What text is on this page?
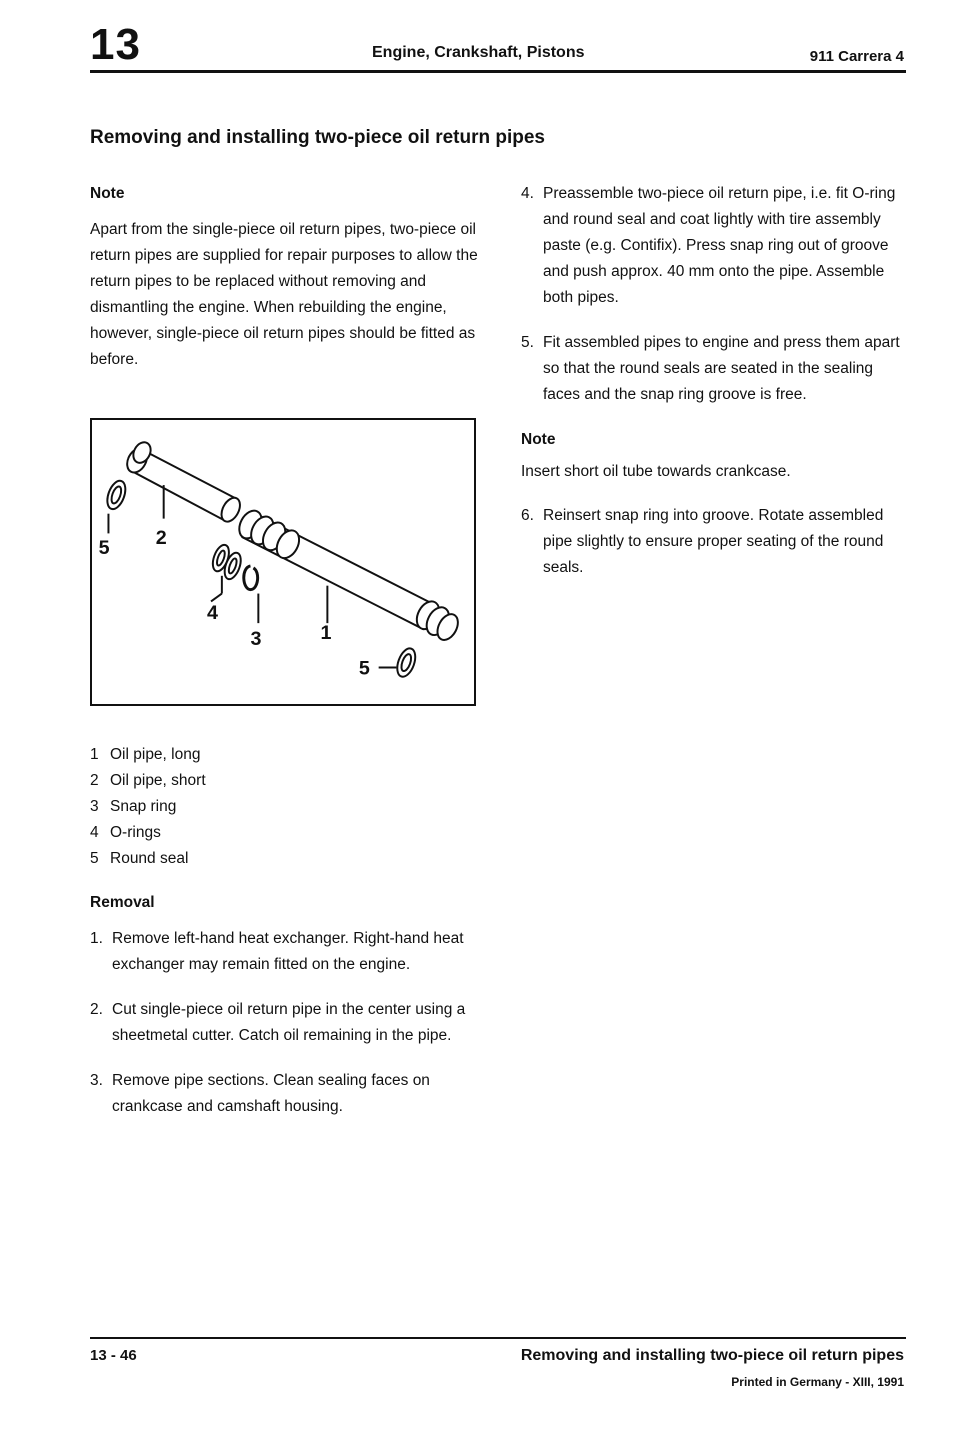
13	Engine, Crankshaft, Pistons	911 Carrera 4
Removing and installing two-piece oil return pipes
Note
Apart from the single-piece oil return pipes, two-piece oil return pipes are supplied for repair purposes to allow the return pipes to be replaced without removing and dismantling the engine. When rebuilding the engine, however, single-piece oil return pipes should be fitted as before.
2
5
4
3	1
5
1 Oil pipe, long
2 Oil pipe, short
3 Snap ring
4 O-rings
5 Round seal
Removal
1. Remove left-hand heat exchanger. Right-hand heat exchanger may remain fitted on the engine.
2. Cut single-piece oil return pipe in the center using a sheetmetal cutter. Catch oil remaining in the pipe.
3. Remove pipe sections. Clean sealing faces on crankcase and camshaft housing.
4. Preassemble two-piece oil return pipe, i.e. fit O-ring and round seal and coat lightly with tire assembly paste (e.g. Contifix). Press snap ring out of groove and push approx. 40 mm onto the pipe. Assemble both pipes.
5. Fit assembled pipes to engine and press them apart so that the round seals are seated in the sealing faces and the snap ring groove is free.
Note
Insert short oil tube towards crankcase.
6. Reinsert snap ring into groove. Rotate assembled pipe slightly to ensure proper seating of the round seals.
13 - 46	Removing and installing two-piece oil return pipes
Printed in Germany - XIII, 1991
